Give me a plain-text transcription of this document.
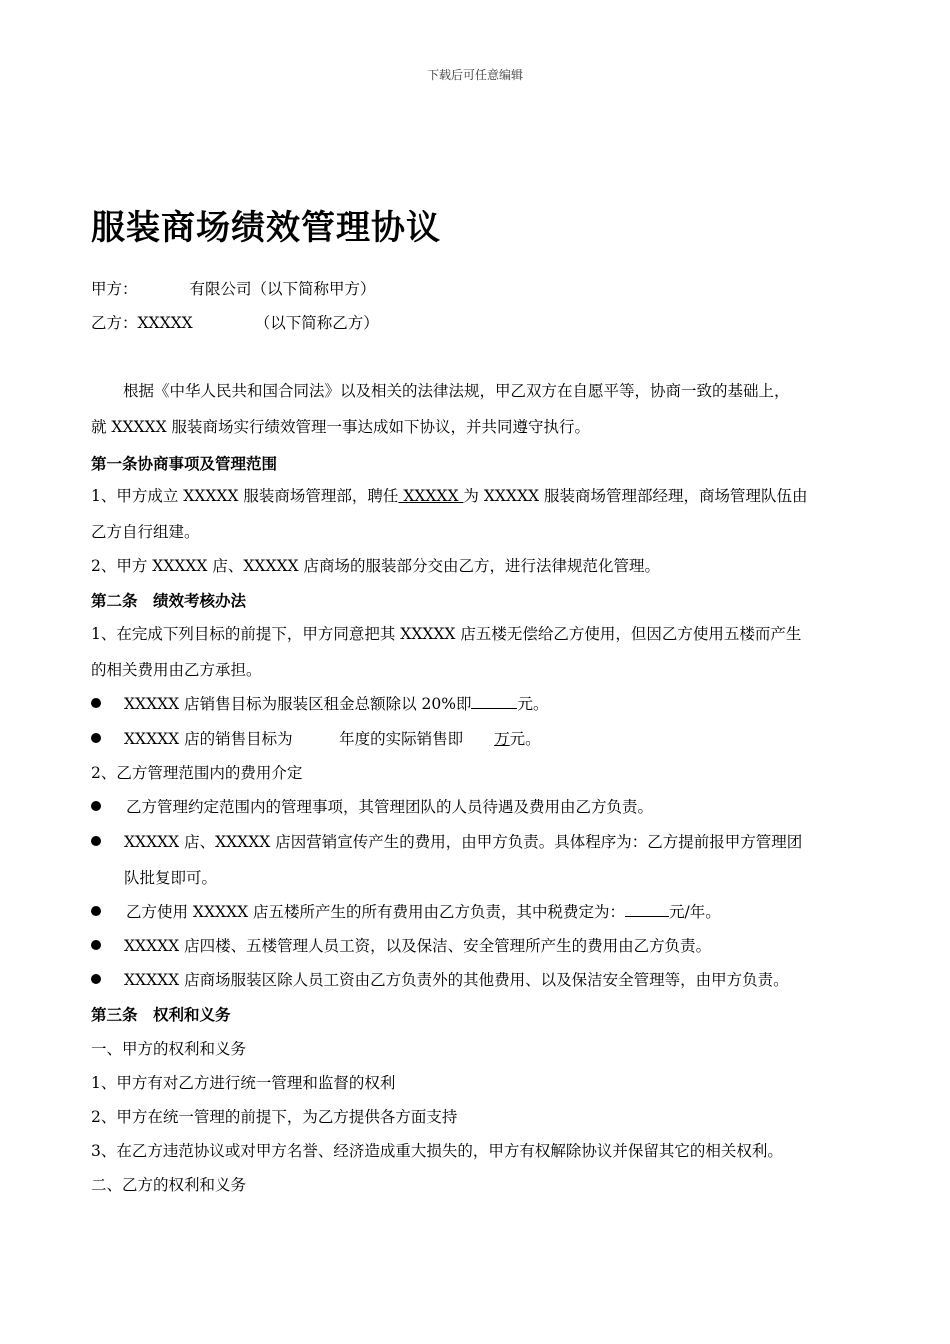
下载后可任意编辑
服装商场绩效管理协议
甲方：	有限公司（以下简称甲方）
乙方：XXXXX	（以下简称乙方）
根据《中华人民共和国合同法》以及相关的法律法规，甲乙双方在自愿平等，协商一致的基础上，
就 XXXXX 服装商场实行绩效管理一事达成如下协议，并共同遵守执行。
第一条协商事项及管理范围
1、甲方成立 XXXXX 服装商场管理部，聘任 XXXXX 为 XXXXX 服装商场管理部经理，商场管理队伍由
乙方自行组建。
2、甲方 XXXXX 店、XXXXX 店商场的服装部分交由乙方，进行法律规范化管理。
第二条　绩效考核办法
1、在完成下列目标的前提下，甲方同意把其 XXXXX 店五楼无偿给乙方使用，但因乙方使用五楼而产生
的相关费用由乙方承担。
XXXXX 店销售目标为服装区租金总额除以 20%即	元。
XXXXX 店的销售目标为　　　年度的实际销售即　　万元。
2、乙方管理范围内的费用介定
乙方管理约定范围内的管理事项，其管理团队的人员待遇及费用由乙方负责。
XXXXX 店、XXXXX 店因营销宣传产生的费用，由甲方负责。具体程序为：乙方提前报甲方管理团
队批复即可。
乙方使用 XXXXX 店五楼所产生的所有费用由乙方负责，其中税费定为：	元/年。
XXXXX 店四楼、五楼管理人员工资，以及保洁、安全管理所产生的费用由乙方负责。
XXXXX 店商场服装区除人员工资由乙方负责外的其他费用、以及保洁安全管理等，由甲方负责。
第三条　权利和义务
一、甲方的权利和义务
1、甲方有对乙方进行统一管理和监督的权利
2、甲方在统一管理的前提下，为乙方提供各方面支持
3、在乙方违范协议或对甲方名誉、经济造成重大损失的，甲方有权解除协议并保留其它的相关权利。
二、乙方的权利和义务
